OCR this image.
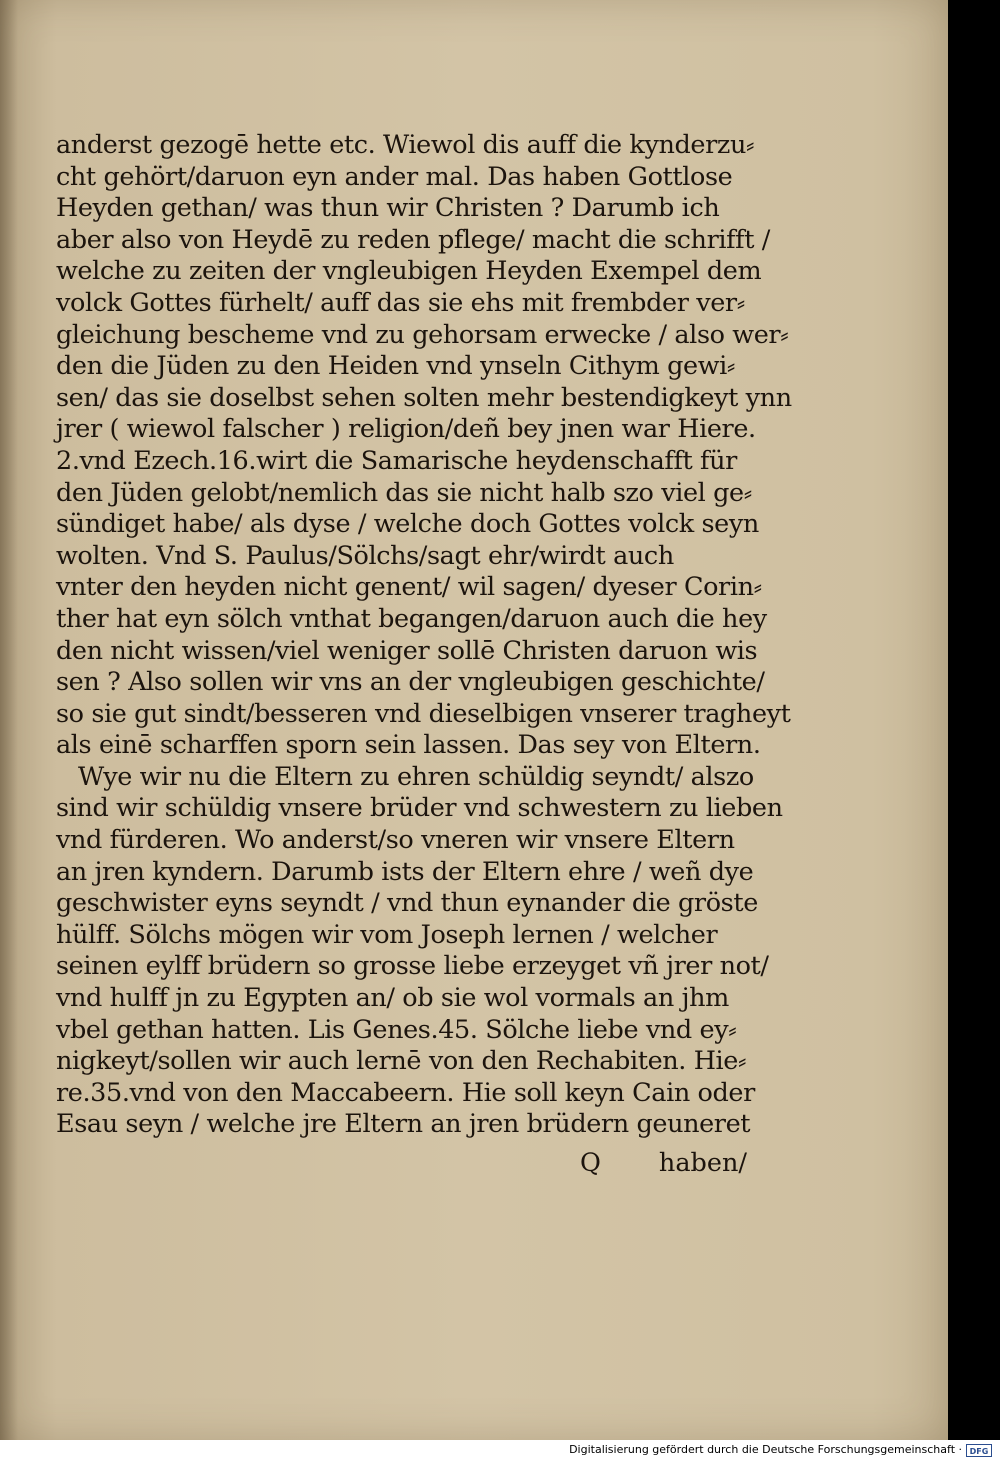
anderst gezogē hette etc. Wiewol dis auff die kynderzu⸗
cht gehört/daruon eyn ander mal. Das haben Gottlose
Heyden gethan/ was thun wir Christen ? Darumb ich
aber also von Heydē zu reden pflege/ macht die schrifft /
welche zu zeiten der vngleubigen Heyden Exempel dem
volck Gottes fürhelt/ auff das sie ehs mit frembder ver⸗
gleichung bescheme vnd zu gehorsam erwecke / also wer⸗
den die Jüden zu den Heiden vnd ynseln Cithym gewi⸗
sen/ das sie doselbst sehen solten mehr bestendigkeyt ynn
jrer ( wiewol falscher ) religion/deñ bey jnen war Hiere.
2.vnd Ezech.16.wirt die Samarische heydenschafft für
den Jüden gelobt/nemlich das sie nicht halb szo viel ge⸗
sündiget habe/ als dyse / welche doch Gottes volck seyn
wolten. Vnd S. Paulus/Sölchs/sagt ehr/wirdt auch
vnter den heyden nicht genent/ wil sagen/ dyeser Corin⸗
ther hat eyn sölch vnthat begangen/daruon auch die hey
den nicht wissen/viel weniger sollē Christen daruon wis
sen ? Also sollen wir vns an der vngleubigen geschichte/
so sie gut sindt/besseren vnd dieselbigen vnserer tragheyt
als einē scharffen sporn sein lassen. Das sey von Eltern.
Wye wir nu die Eltern zu ehren schüldig seyndt/ alszo
sind wir schüldig vnsere brüder vnd schwestern zu lieben
vnd fürderen. Wo anderst/so vneren wir vnsere Eltern
an jren kyndern. Darumb ists der Eltern ehre / weñ dye
geschwister eyns seyndt / vnd thun eynander die gröste
hülff. Sölchs mögen wir vom Joseph lernen / welcher
seinen eylff brüdern so grosse liebe erzeyget vñ jrer not/
vnd hulff jn zu Egypten an/ ob sie wol vormals an jhm
vbel gethan hatten. Lis Genes.45. Sölche liebe vnd ey⸗
nigkeyt/sollen wir auch lernē von den Rechabiten. Hie⸗
re.35.vnd von den Maccabeern. Hie soll keyn Cain oder
Esau seyn / welche jre Eltern an jren brüdern geuneret
Q haben/
Digitalisierung gefördert durch die Deutsche Forschungsgemeinschaft · DFG
